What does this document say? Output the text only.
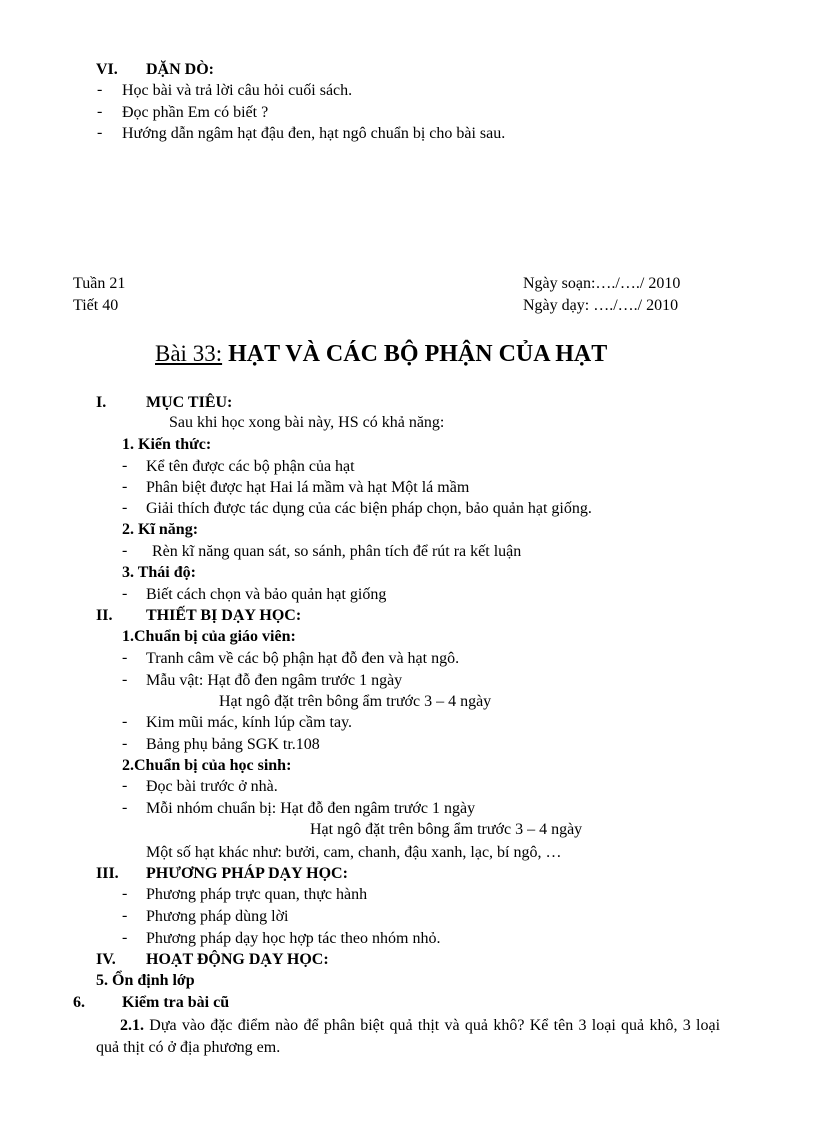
VI. DẶN DÒ:
- Học bài và trả lời câu hỏi cuối sách.
- Đọc phần Em có biết ?
- Hướng dẫn ngâm hạt đậu đen, hạt ngô chuẩn bị cho bài sau.
Tuần 21
Tiết 40
Ngày soạn:…./…./ 2010
Ngày dạy: …./…./ 2010
Bài 33: HẠT VÀ CÁC BỘ PHẬN CỦA HẠT
I. MỤC TIÊU:
Sau khi học xong bài này, HS có khả năng:
1. Kiến thức:
- Kể tên được các bộ phận của hạt
- Phân biệt được hạt Hai lá mầm và hạt Một lá mầm
- Giải thích được tác dụng của các biện pháp chọn, bảo quản hạt giống.
2. Kĩ năng:
- Rèn kĩ năng quan sát, so sánh, phân tích để rút ra kết luận
3. Thái độ:
- Biết cách chọn và bảo quản hạt giống
II. THIẾT BỊ DẠY HỌC:
1.Chuẩn bị của giáo viên:
- Tranh câm về các bộ phận hạt đỗ đen và hạt ngô.
- Mẫu vật: Hạt đỗ đen ngâm trước 1 ngày
Hạt ngô đặt trên bông ẩm trước 3 – 4 ngày
- Kim mũi mác, kính lúp cầm tay.
- Bảng phụ bảng SGK tr.108
2.Chuẩn bị của học sinh:
- Đọc bài trước ở nhà.
- Mỗi nhóm chuẩn bị: Hạt đỗ đen ngâm trước 1 ngày
Hạt ngô đặt trên bông ẩm trước 3 – 4 ngày
Một số hạt khác như: bưởi, cam, chanh, đậu xanh, lạc, bí ngô, …
III. PHƯƠNG PHÁP DẠY HỌC:
- Phương pháp trực quan, thực hành
- Phương pháp dùng lời
- Phương pháp dạy học hợp tác theo nhóm nhỏ.
IV. HOẠT ĐỘNG DẠY HỌC:
5. Ổn định lớp
6. Kiểm tra bài cũ
2.1. Dựa vào đặc điểm nào để phân biệt quả thịt và quả khô? Kể tên 3 loại quả khô, 3 loại quả thịt có ở địa phương em.
